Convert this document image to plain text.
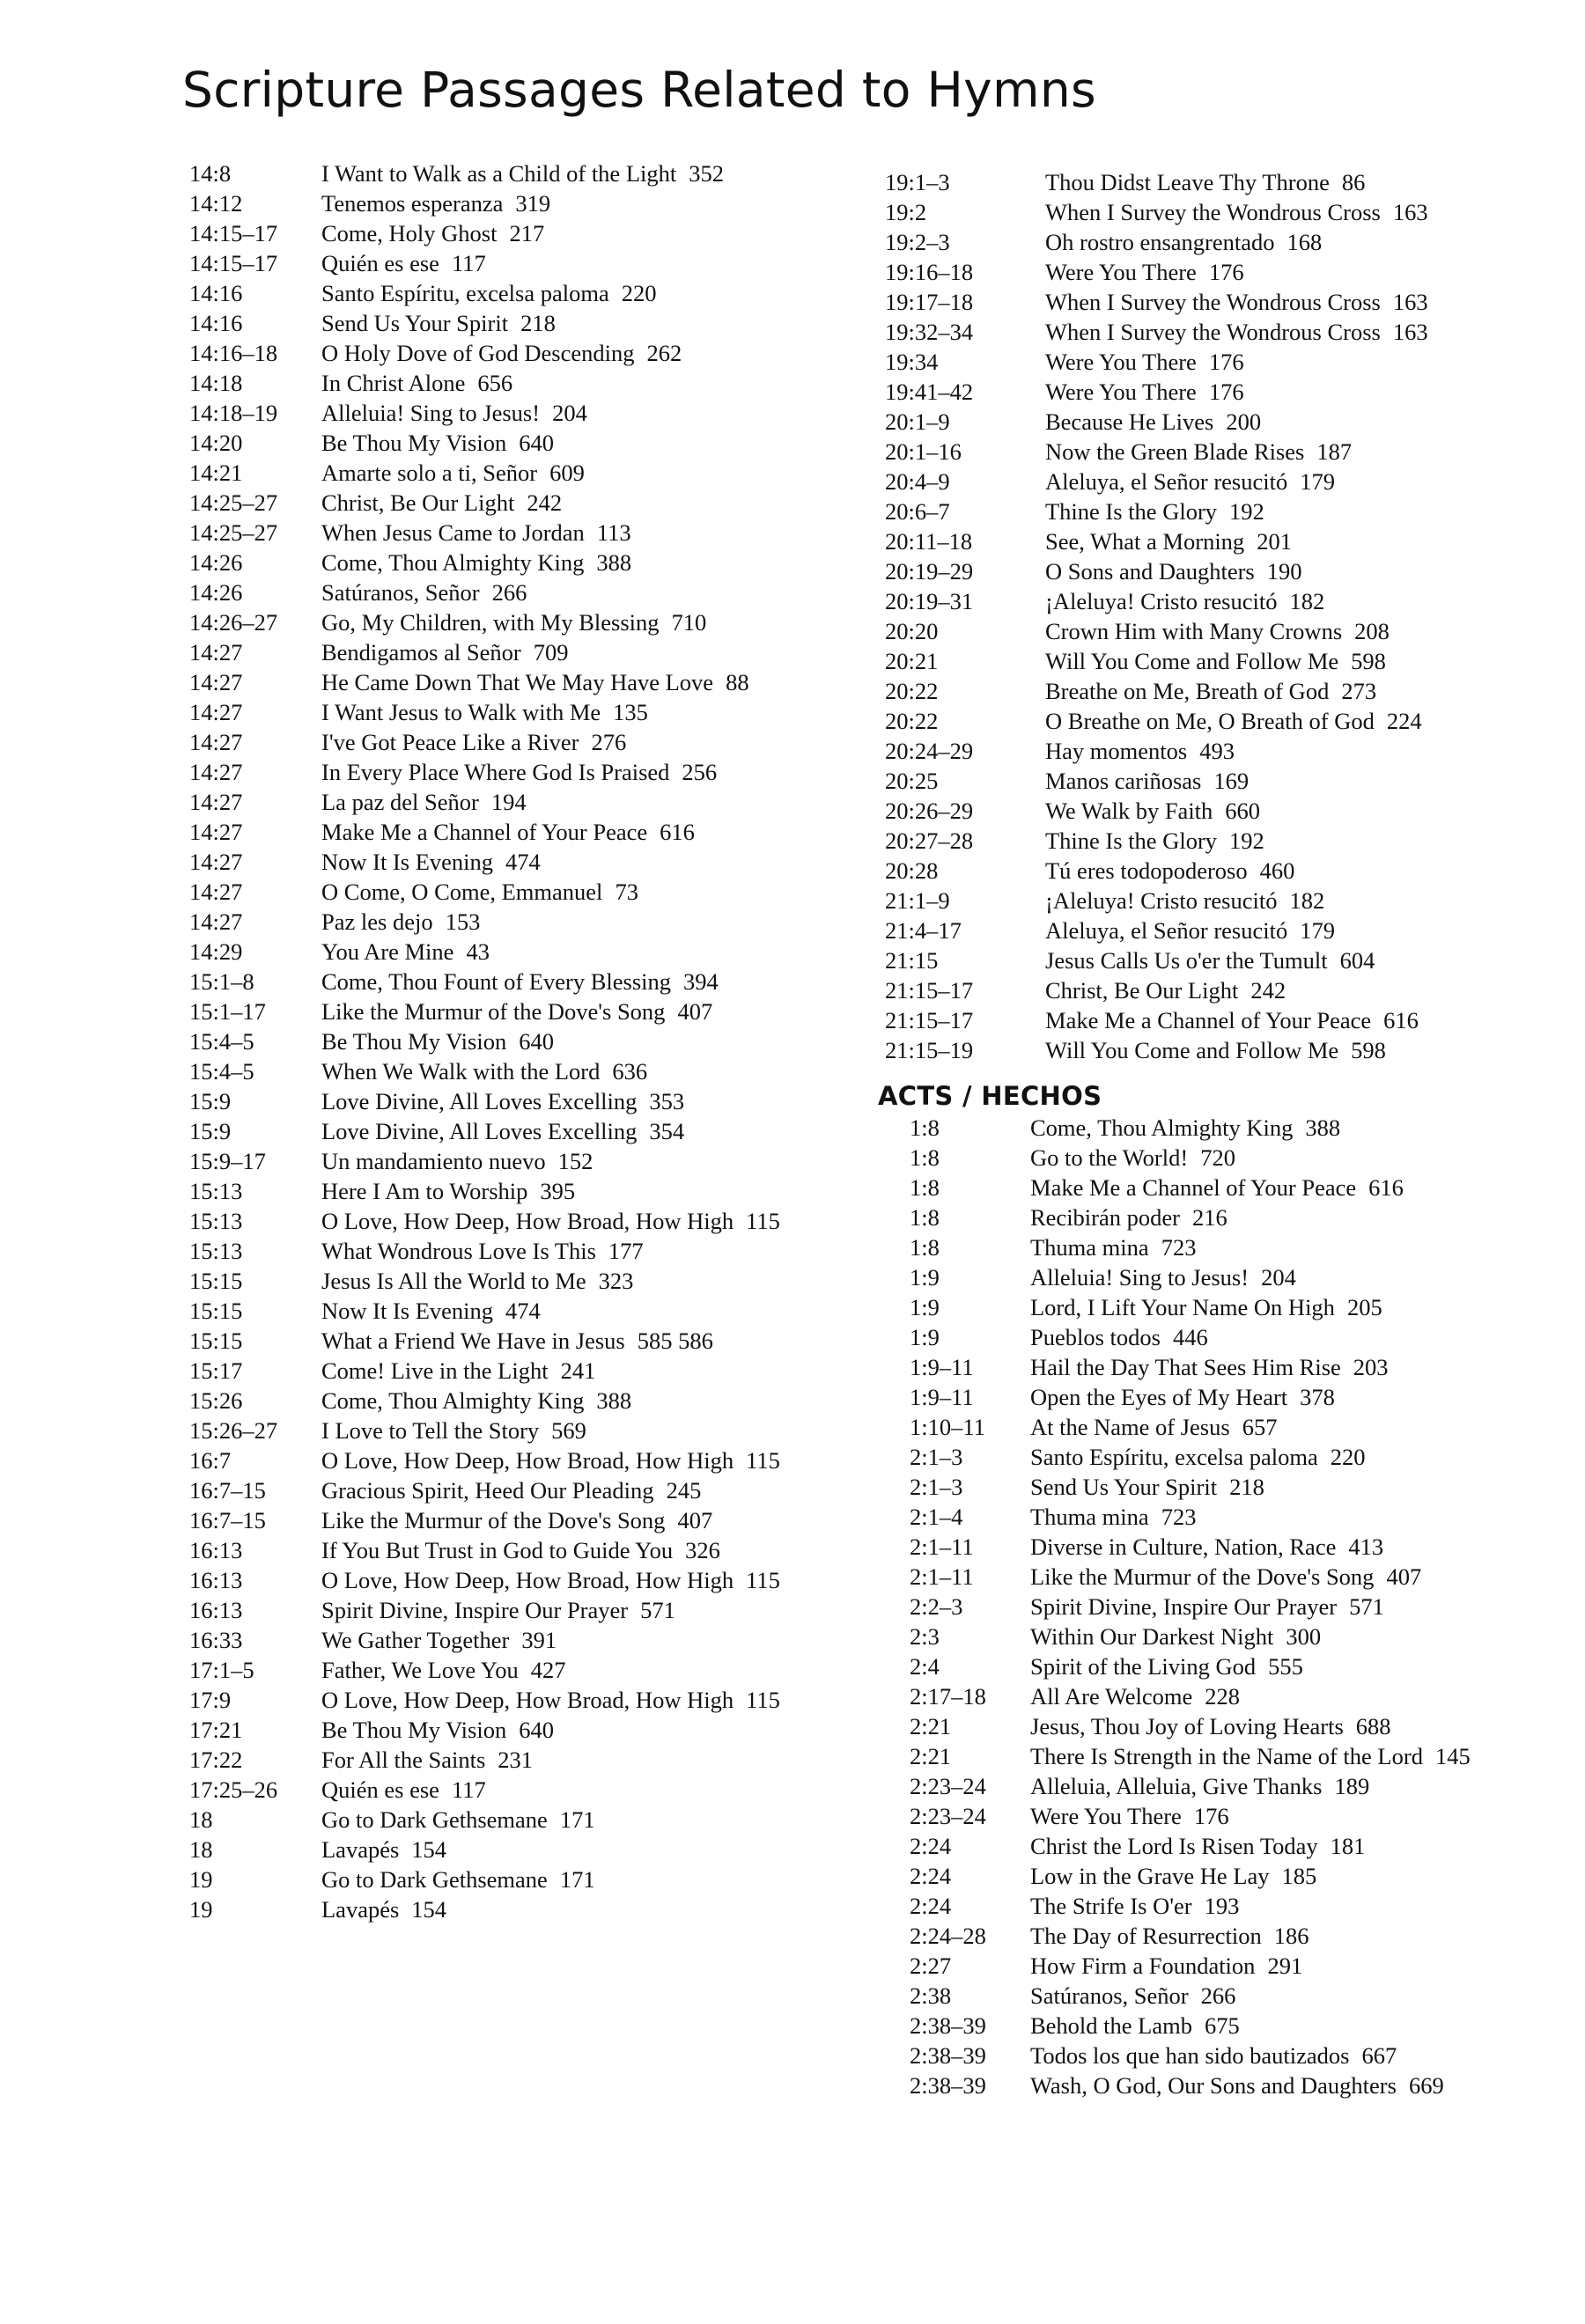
Scripture Passages Related to Hymns
14:8	I Want to Walk as a Child of the Light 352
14:12	Tenemos esperanza 319
14:15–17 Come, Holy Ghost 217
14:15–17 Quién es ese 117
14:16	Santo Espíritu, excelsa paloma 220
14:16	Send Us Your Spirit 218
14:16–18 O Holy Dove of God Descending 262
14:18	In Christ Alone 656
14:18–19 Alleluia! Sing to Jesus! 204
14:20	Be Thou My Vision 640
14:21	Amarte solo a ti, Señor 609
14:25–27 Christ, Be Our Light 242
14:25–27 When Jesus Came to Jordan 113
14:26	Come, Thou Almighty King 388
14:26	Satúranos, Señor 266
14:26–27 Go, My Children, with My Blessing 710
14:27	Bendigamos al Señor 709
14:27	He Came Down That We May Have Love 88
14:27	I Want Jesus to Walk with Me 135
14:27	I've Got Peace Like a River 276
14:27	In Every Place Where God Is Praised 256
14:27	La paz del Señor 194
14:27	Make Me a Channel of Your Peace 616
14:27	Now It Is Evening 474
14:27	O Come, O Come, Emmanuel 73
14:27	Paz les dejo 153
14:29	You Are Mine 43
15:1–8	Come, Thou Fount of Every Blessing 394
15:1–17 Like the Murmur of the Dove's Song 407
15:4–5	Be Thou My Vision 640
15:4–5	When We Walk with the Lord 636
15:9	Love Divine, All Loves Excelling 353
15:9	Love Divine, All Loves Excelling 354
15:9–17 Un mandamiento nuevo 152
15:13	Here I Am to Worship 395
15:13	O Love, How Deep, How Broad, How High 115
15:13	What Wondrous Love Is This 177
15:15	Jesus Is All the World to Me 323
15:15	Now It Is Evening 474
15:15	What a Friend We Have in Jesus 585 586
15:17	Come! Live in the Light 241
15:26	Come, Thou Almighty King 388
15:26–27 I Love to Tell the Story 569
16:7	O Love, How Deep, How Broad, How High 115
16:7–15 Gracious Spirit, Heed Our Pleading 245
16:7–15 Like the Murmur of the Dove's Song 407
16:13	If You But Trust in God to Guide You 326
16:13	O Love, How Deep, How Broad, How High 115
16:13	Spirit Divine, Inspire Our Prayer 571
16:33	We Gather Together 391
17:1–5	Father, We Love You 427
17:9	O Love, How Deep, How Broad, How High 115
17:21	Be Thou My Vision 640
17:22	For All the Saints 231
17:25–26 Quién es ese 117
18	Go to Dark Gethsemane 171
18	Lavapés 154
19	Go to Dark Gethsemane 171
19	Lavapés 154
19:1–3	Thou Didst Leave Thy Throne 86
19:2	When I Survey the Wondrous Cross 163
19:2–3	Oh rostro ensangrentado 168
19:16–18	Were You There 176
19:17–18	When I Survey the Wondrous Cross 163
19:32–34	When I Survey the Wondrous Cross 163
19:34	Were You There 176
19:41–42	Were You There 176
20:1–9	Because He Lives 200
20:1–16	Now the Green Blade Rises 187
20:4–9	Aleluya, el Señor resucitó 179
20:6–7	Thine Is the Glory 192
20:11–18	See, What a Morning 201
20:19–29	O Sons and Daughters 190
20:19–31	¡Aleluya! Cristo resucitó 182
20:20	Crown Him with Many Crowns 208
20:21	Will You Come and Follow Me 598
20:22	Breathe on Me, Breath of God 273
20:22	O Breathe on Me, O Breath of God 224
20:24–29	Hay momentos 493
20:25	Manos cariñosas 169
20:26–29	We Walk by Faith 660
20:27–28	Thine Is the Glory 192
20:28	Tú eres todopoderoso 460
21:1–9	¡Aleluya! Cristo resucitó 182
21:4–17	Aleluya, el Señor resucitó 179
21:15	Jesus Calls Us o'er the Tumult 604
21:15–17	Christ, Be Our Light 242
21:15–17	Make Me a Channel of Your Peace 616
21:15–19	Will You Come and Follow Me 598
ACTS / HECHOS
1:8	Come, Thou Almighty King 388
1:8	Go to the World! 720
1:8	Make Me a Channel of Your Peace 616
1:8	Recibirán poder 216
1:8	Thuma mina 723
1:9	Alleluia! Sing to Jesus! 204
1:9	Lord, I Lift Your Name On High 205
1:9	Pueblos todos 446
1:9–11 Hail the Day That Sees Him Rise 203
1:9–11 Open the Eyes of My Heart 378
1:10–11 At the Name of Jesus 657
2:1–3	Santo Espíritu, excelsa paloma 220
2:1–3	Send Us Your Spirit 218
2:1–4	Thuma mina 723
2:1–11 Diverse in Culture, Nation, Race 413
2:1–11 Like the Murmur of the Dove's Song 407
2:2–3	Spirit Divine, Inspire Our Prayer 571
2:3	Within Our Darkest Night 300
2:4	Spirit of the Living God 555
2:17–18 All Are Welcome 228
2:21	Jesus, Thou Joy of Loving Hearts 688
2:21	There Is Strength in the Name of the Lord 145
2:23–24 Alleluia, Alleluia, Give Thanks 189
2:23–24 Were You There 176
2:24	Christ the Lord Is Risen Today 181
2:24	Low in the Grave He Lay 185
2:24	The Strife Is O'er 193
2:24–28 The Day of Resurrection 186
2:27	How Firm a Foundation 291
2:38	Satúranos, Señor 266
2:38–39 Behold the Lamb 675
2:38–39 Todos los que han sido bautizados 667
2:38–39 Wash, O God, Our Sons and Daughters 669
